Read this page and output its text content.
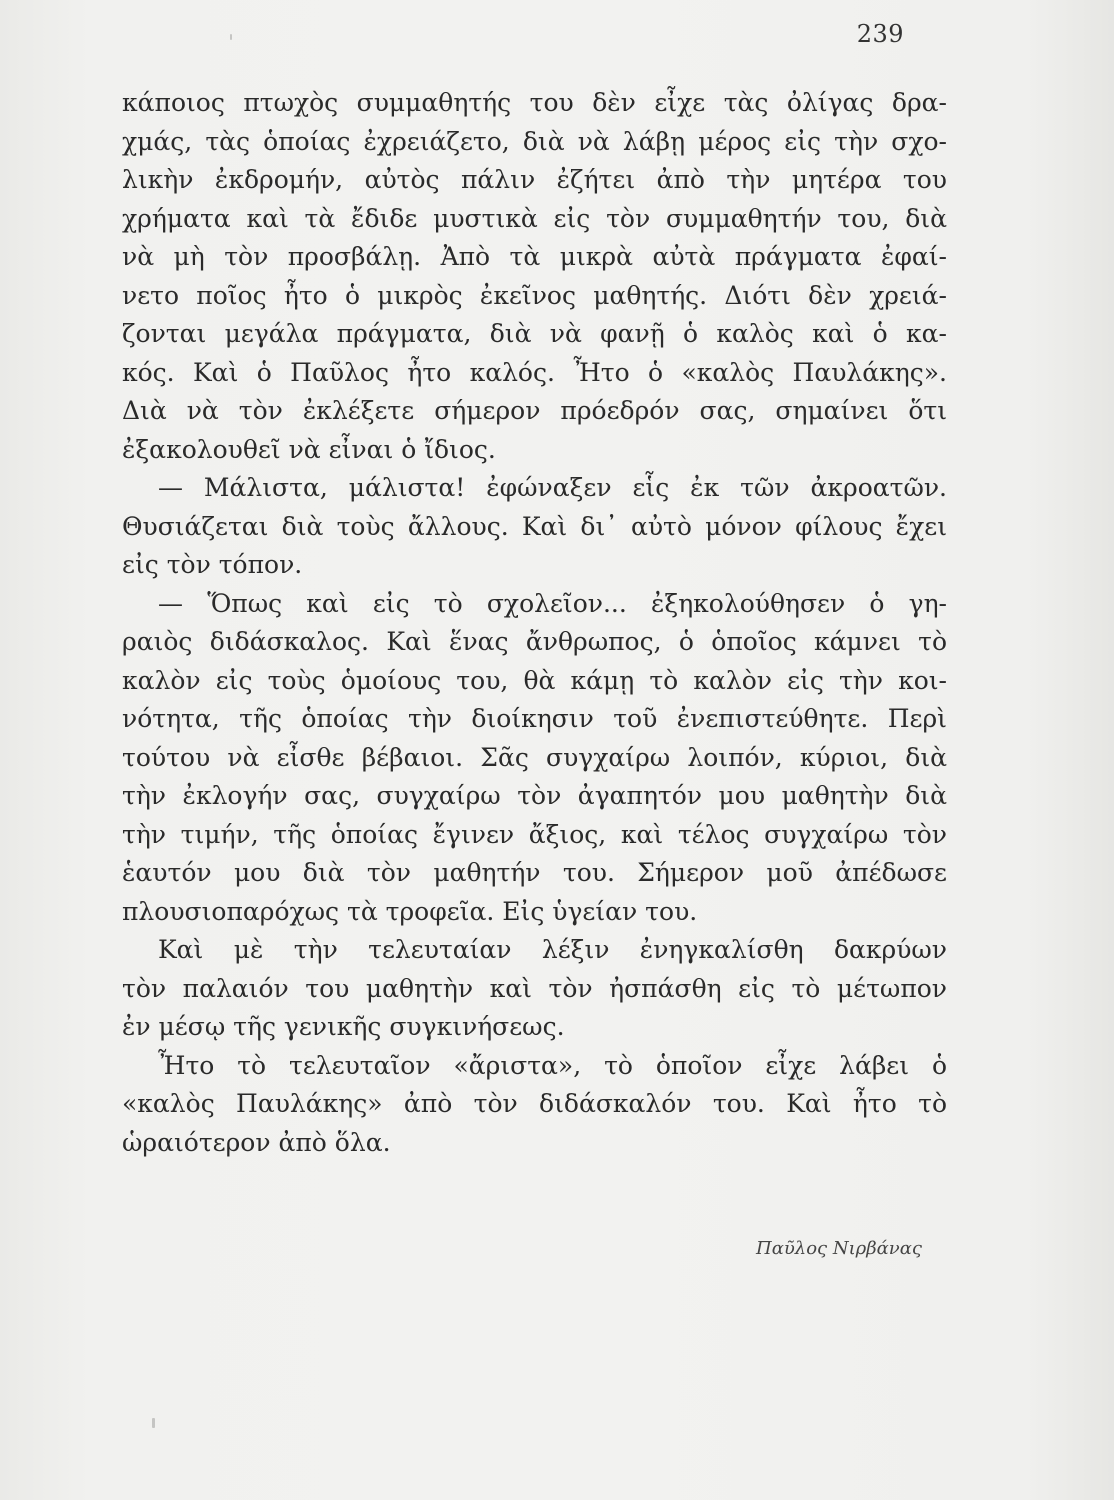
239
κάποιος πτωχὸς συμμαθητής του δὲν εἶχε τὰς ὀλίγας δρα-
χμάς, τὰς ὁποίας ἐχρειάζετο, διὰ νὰ λάβῃ μέρος εἰς τὴν σχο-
λικὴν ἐκδρομήν, αὐτὸς πάλιν ἐζήτει ἀπὸ τὴν μητέρα του
χρήματα καὶ τὰ ἔδιδε μυστικὰ εἰς τὸν συμμαθητήν του, διὰ
νὰ μὴ τὸν προσβάλῃ. Ἀπὸ τὰ μικρὰ αὐτὰ πράγματα ἐφαί-
νετο ποῖος ἦτο ὁ μικρὸς ἐκεῖνος μαθητής. Διότι δὲν χρειά-
ζονται μεγάλα πράγματα, διὰ νὰ φανῇ ὁ καλὸς καὶ ὁ κα-
κός. Καὶ ὁ Παῦλος ἦτο καλός. Ἦτο ὁ «καλὸς Παυλάκης».
Διὰ νὰ τὸν ἐκλέξετε σήμερον πρόεδρόν σας, σημαίνει ὅτι
ἐξακολουθεῖ νὰ εἶναι ὁ ἴδιος.
— Μάλιστα, μάλιστα! ἐφώναξεν εἷς ἐκ τῶν ἀκροατῶν.
Θυσιάζεται διὰ τοὺς ἄλλους. Καὶ δι᾽ αὐτὸ μόνον φίλους ἔχει
εἰς τὸν τόπον.
— Ὅπως καὶ εἰς τὸ σχολεῖον... ἐξηκολούθησεν ὁ γη-
ραιὸς διδάσκαλος. Καὶ ἕνας ἄνθρωπος, ὁ ὁποῖος κάμνει τὸ
καλὸν εἰς τοὺς ὁμοίους του, θὰ κάμῃ τὸ καλὸν εἰς τὴν κοι-
νότητα, τῆς ὁποίας τὴν διοίκησιν τοῦ ἐνεπιστεύθητε. Περὶ
τούτου νὰ εἶσθε βέβαιοι. Σᾶς συγχαίρω λοιπόν, κύριοι, διὰ
τὴν ἐκλογήν σας, συγχαίρω τὸν ἀγαπητόν μου μαθητὴν διὰ
τὴν τιμήν, τῆς ὁποίας ἔγινεν ἄξιος, καὶ τέλος συγχαίρω τὸν
ἑαυτόν μου διὰ τὸν μαθητήν του. Σήμερον μοῦ ἀπέδωσε
πλουσιοπαρόχως τὰ τροφεῖα. Εἰς ὑγείαν του.
Καὶ μὲ τὴν τελευταίαν λέξιν ἐνηγκαλίσθη δακρύων
τὸν παλαιόν του μαθητὴν καὶ τὸν ἠσπάσθη εἰς τὸ μέτωπον
ἐν μέσῳ τῆς γενικῆς συγκινήσεως.
Ἦτο τὸ τελευταῖον «ἄριστα», τὸ ὁποῖον εἶχε λάβει ὁ
«καλὸς Παυλάκης» ἀπὸ τὸν διδάσκαλόν του. Καὶ ἦτο τὸ
ὡραιότερον ἀπὸ ὅλα.
Παῦλος Νιρβάνας
